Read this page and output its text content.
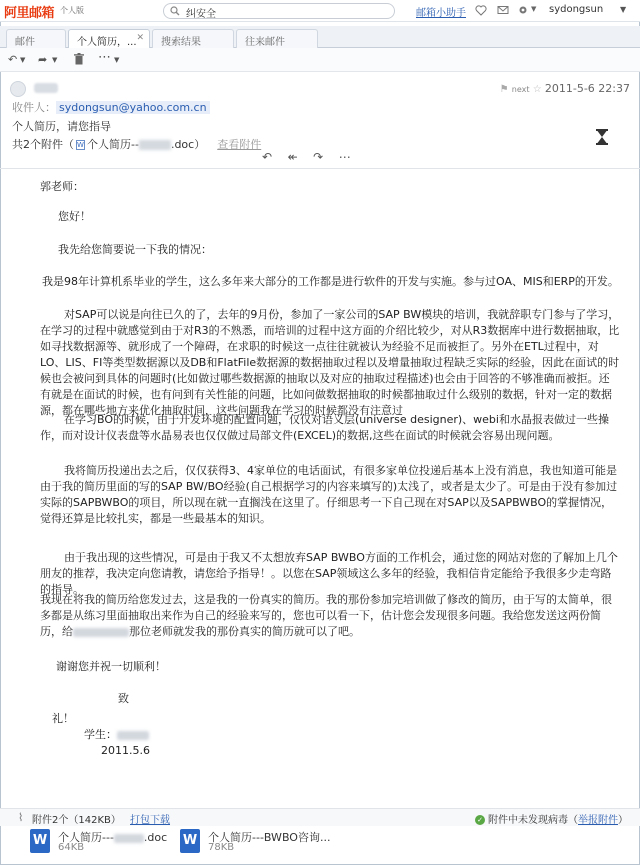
阿里邮箱 个人版	纠安全	邮箱小助手	▼ sydongsun ▼
邮件	个人简历，... ✕	搜索结果	往来邮件
↶ ▼ ➦ ▼	⋯ ▼
⚑ next ☆ 2011-5-6 22:37
收件人： sydongsun@yahoo.com.cn
个人简历，请您指导
共2个附件（ W 个人简历--	.doc） 查看附件
↶ ↞ ↷ ⋯

郭老师：

您好！

我先给您简要说一下我的情况：

我是98年计算机系毕业的学生，这么多年来大部分的工作都是进行软件的开发与实施。参与过OA、MIS和ERP的开发。

对SAP可以说是向往已久的了，去年的9月份，参加了一家公司的SAP BW模块的培训，我就辞职专门参与了学习，在学习的过程中就感觉到由于对R3的不熟悉，而培训的过程中这方面的介绍比较少，对从R3数据库中进行数据抽取，比如寻找数据源等、就形成了一个障碍，在求职的时候这一点往往就被认为经验不足而被拒了。另外在ETL过程中，对LO、LIS、FI等类型数据源以及DB和FlatFile数据源的数据抽取过程以及增量抽取过程缺乏实际的经验，因此在面试的时候也会被问到具体的问题时(比如做过哪些数据源的抽取以及对应的抽取过程描述)也会由于回答的不够准确而被拒。还有就是在面试的时候，也有问到有关性能的问题，比如问做数据抽取的时候都抽取过什么级别的数据，针对一定的数据源，都在哪些地方来优化抽取时间，这些问题我在学习的时候都没有注意过

在学习BO的时候，由于开发环境的配置问题，仅仅对语义层(universe designer)、webi和水晶报表做过一些操作，而对设计仪表盘等水晶易表也仅仅做过局部文件(EXCEL)的数据,这些在面试的时候就会容易出现问题。

我将简历投递出去之后，仅仅获得3、4家单位的电话面试，有很多家单位投递后基本上没有消息，我也知道可能是由于我的简历里面的写的SAP BW/BO经验(自己根据学习的内容来填写的)太浅了，或者是太少了。可是由于没有参加过实际的SAPBWBO的项目，所以现在就一直搁浅在这里了。仔细思考一下自己现在对SAP以及SAPBWBO的掌握情况，觉得还算是比较扎实，都是一些最基本的知识。

由于我出现的这些情况，可是由于我又不太想放弃SAP BWBO方面的工作机会，通过您的网站对您的了解加上几个朋友的推荐，我决定向您请教，请您给予指导！。以您在SAP领域这么多年的经验，我相信肯定能给予我很多少走弯路的指导。

我现在将我的简历给您发过去，这是我的一份真实的简历。我的那份参加完培训做了修改的简历，由于写的太简单，很多都是从练习里面抽取出来作为自己的经验来写的，您也可以看一下，估计您会发现很多问题。我给您发送这两份简历，给	那位老师就发我的那份真实的简历就可以了吧。

谢谢您并祝一切顺利！

致

礼！

学生：

2011.5.6

⌇ 附件2个（142KB） 打包下载	✓ 附件中未发现病毒（举报附件）
W 个人简历---	.doc
64KB	W 个人简历---BWBO咨询...
78KB
